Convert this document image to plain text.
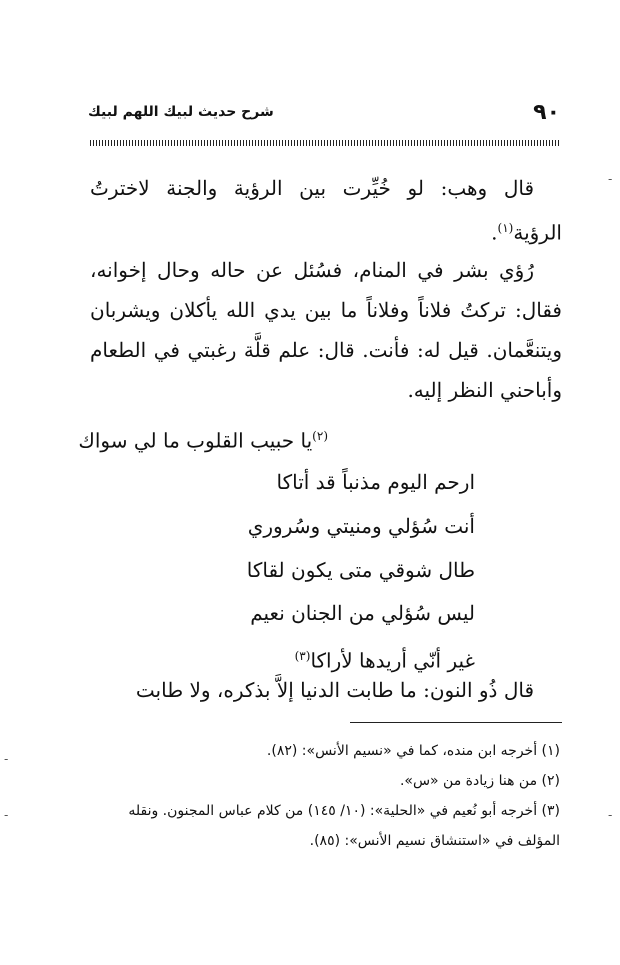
٩٠
شرح حديث لبيك اللهم لبيك
قال وهب: لو خُيِّرت بين الرؤية والجنة لاخترتُ الرؤية$^{(١)}$.
رُؤي بشر في المنام، فسُئل عن حاله وحال إخوانه، فقال: تركتُ فلاناً وفلاناً ما بين يدي الله يأكلان ويشربان ويتنعَّمان. قيل له: فأنت. قال: علم قلَّة رغبتي في الطعام وأباحني النظر إليه.
$^{(٢)}$يا حبيب القلوب ما لي سواك
ارحم اليوم مذنباً قد أتاكا
أنت سُؤلي ومنيتي وسُروري
طال شوقي متى يكون لقاكا
ليس سُؤلي من الجنان نعيم
غير أنّي أريدها لأراكا$^{(٣)}$
قال ذُو النون: ما طابت الدنيا إلاَّ بذكره، ولا طابت

(١) أخرجه ابن منده، كما في «نسيم الأنس»: (٨٢).

(٢) من هنا زيادة من «س».

(٣) أخرجه أبو نُعيم في «الحلية»: (١٠/ ١٤٥) من كلام عباس المجنون. ونقله المؤلف في «استنشاق نسيم الأنس»: (٨٥).

-
-
-	-
